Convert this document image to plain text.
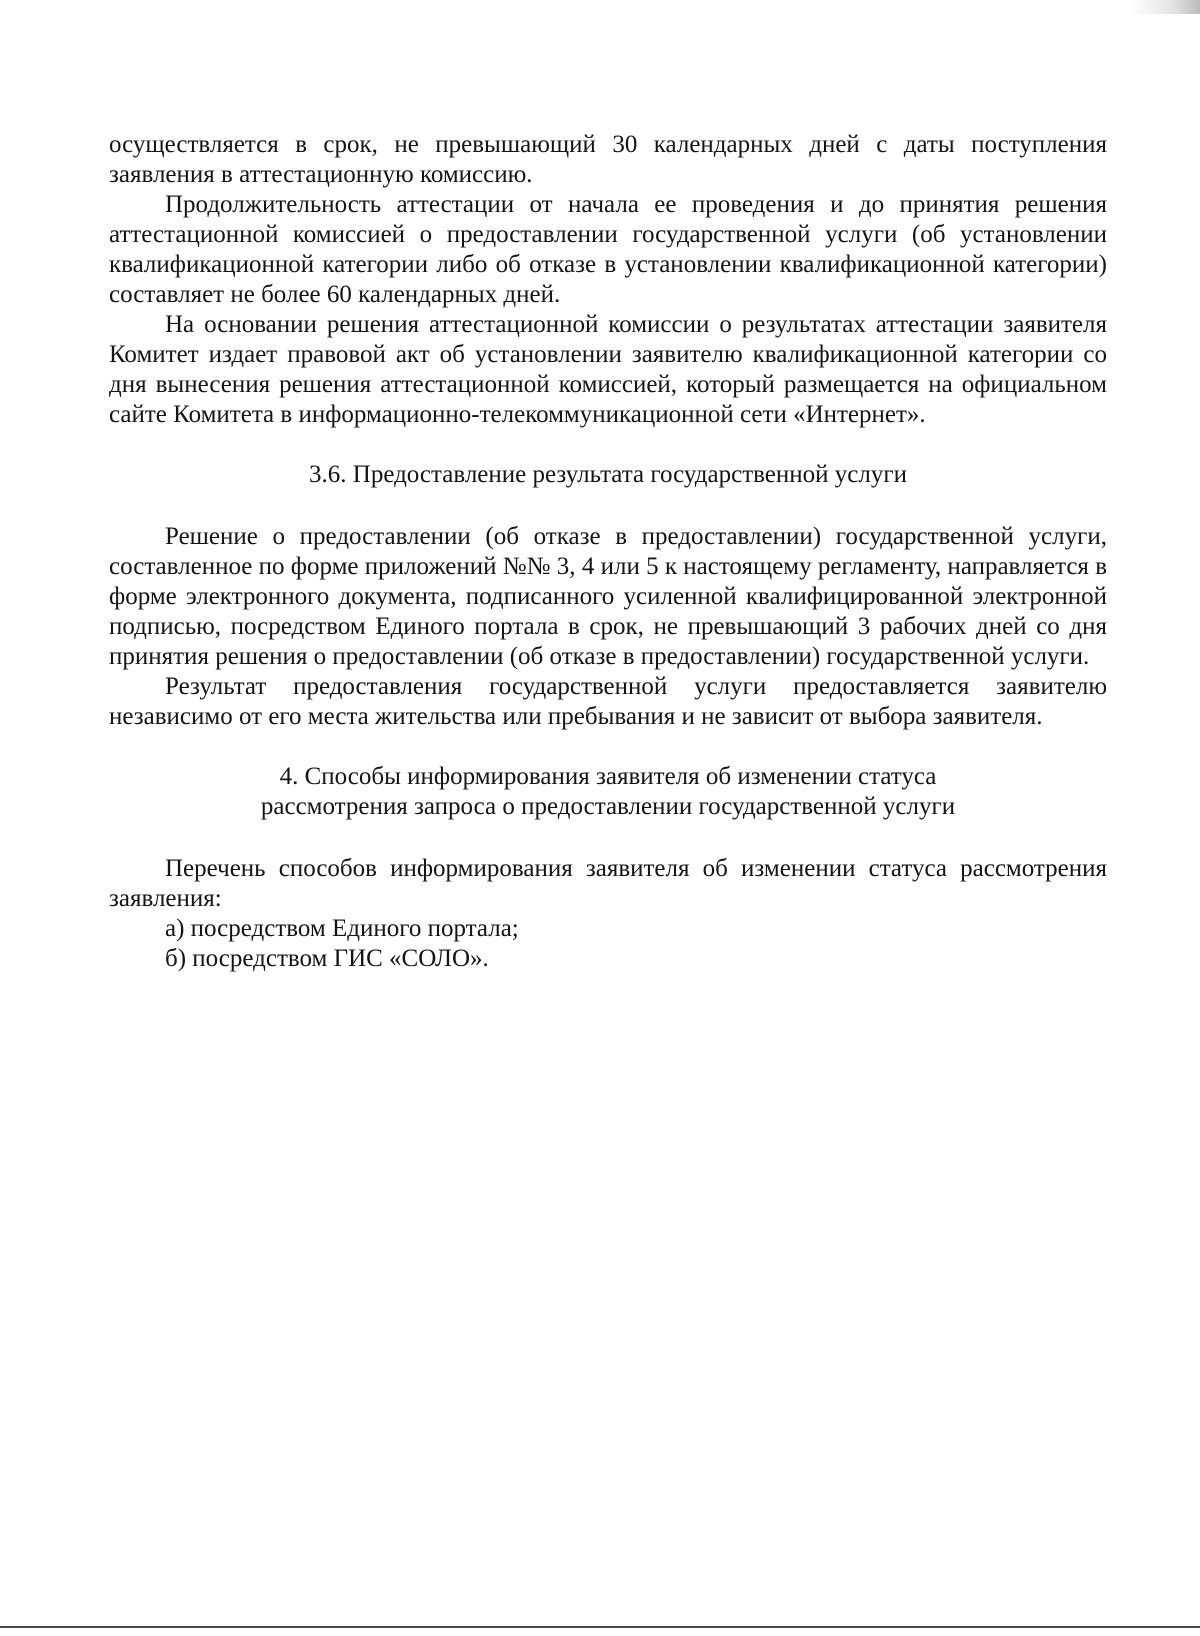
осуществляется в срок, не превышающий 30 календарных дней с даты поступления заявления в аттестационную комиссию.

Продолжительность аттестации от начала ее проведения и до принятия решения аттестационной комиссией о предоставлении государственной услуги (об установлении квалификационной категории либо об отказе в установлении квалификационной категории) составляет не более 60 календарных дней.

На основании решения аттестационной комиссии о результатах аттестации заявителя Комитет издает правовой акт об установлении заявителю квалификационной категории со дня вынесения решения аттестационной комиссией, который размещается на официальном сайте Комитета в информационно-телекоммуникационной сети «Интернет».

3.6. Предоставление результата государственной услуги

Решение о предоставлении (об отказе в предоставлении) государственной услуги, составленное по форме приложений №№ 3, 4 или 5 к настоящему регламенту, направляется в форме электронного документа, подписанного усиленной квалифицированной электронной подписью, посредством Единого портала в срок, не превышающий 3 рабочих дней со дня принятия решения о предоставлении (об отказе в предоставлении) государственной услуги.

Результат предоставления государственной услуги предоставляется заявителю независимо от его места жительства или пребывания и не зависит от выбора заявителя.

4. Способы информирования заявителя об изменении статуса

рассмотрения запроса о предоставлении государственной услуги

Перечень способов информирования заявителя об изменении статуса рассмотрения заявления:

а) посредством Единого портала;

б) посредством ГИС «СОЛО».
